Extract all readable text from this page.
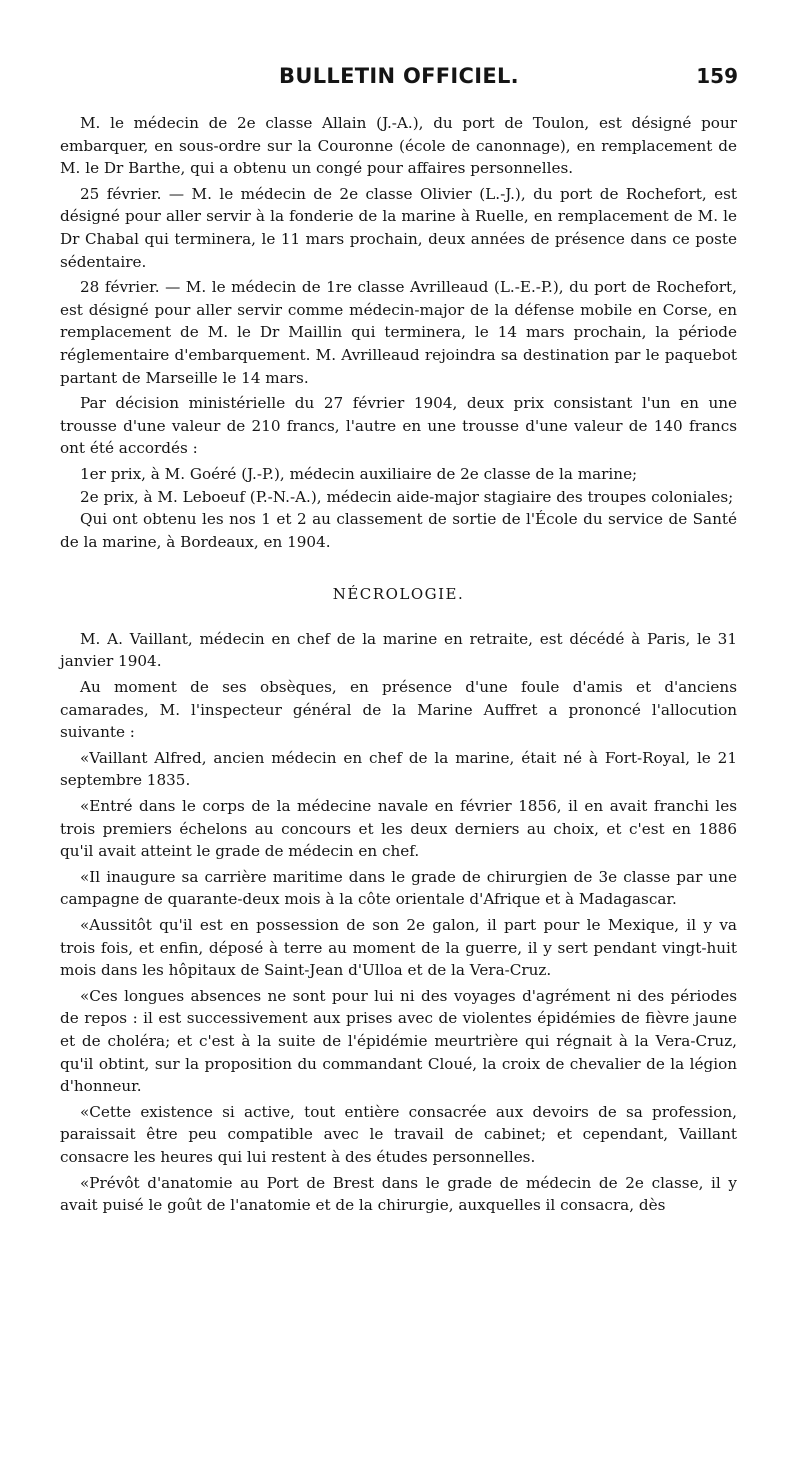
BULLETIN OFFICIEL.	159

M. le médecin de 2e classe Allain (J.-A.), du port de Toulon, est désigné pour embarquer, en sous-ordre sur la Couronne (école de canonnage), en remplacement de M. le Dr Barthe, qui a obtenu un congé pour affaires personnelles.

25 février. — M. le médecin de 2e classe Olivier (L.-J.), du port de Rochefort, est désigné pour aller servir à la fonderie de la marine à Ruelle, en remplacement de M. le Dr Chabal qui terminera, le 11 mars prochain, deux années de présence dans ce poste sédentaire.

28 février. — M. le médecin de 1re classe Avrilleaud (L.-E.-P.), du port de Rochefort, est désigné pour aller servir comme médecin-major de la défense mobile en Corse, en remplacement de M. le Dr Maillin qui terminera, le 14 mars prochain, la période réglementaire d'embarquement. M. Avrilleaud rejoindra sa destination par le paquebot partant de Marseille le 14 mars.

Par décision ministérielle du 27 février 1904, deux prix consistant l'un en une trousse d'une valeur de 210 francs, l'autre en une trousse d'une valeur de 140 francs ont été accordés :

1er prix, à M. Goéré (J.-P.), médecin auxiliaire de 2e classe de la marine;

2e prix, à M. Leboeuf (P.-N.-A.), médecin aide-major stagiaire des troupes coloniales;

Qui ont obtenu les nos 1 et 2 au classement de sortie de l'École du service de Santé de la marine, à Bordeaux, en 1904.

NÉCROLOGIE.

M. A. Vaillant, médecin en chef de la marine en retraite, est décédé à Paris, le 31 janvier 1904.

Au moment de ses obsèques, en présence d'une foule d'amis et d'anciens camarades, M. l'inspecteur général de la Marine Auffret a prononcé l'allocution suivante :

«Vaillant Alfred, ancien médecin en chef de la marine, était né à Fort-Royal, le 21 septembre 1835.

«Entré dans le corps de la médecine navale en février 1856, il en avait franchi les trois premiers échelons au concours et les deux derniers au choix, et c'est en 1886 qu'il avait atteint le grade de médecin en chef.

«Il inaugure sa carrière maritime dans le grade de chirurgien de 3e classe par une campagne de quarante-deux mois à la côte orientale d'Afrique et à Madagascar.

«Aussitôt qu'il est en possession de son 2e galon, il part pour le Mexique, il y va trois fois, et enfin, déposé à terre au moment de la guerre, il y sert pendant vingt-huit mois dans les hôpitaux de Saint-Jean d'Ulloa et de la Vera-Cruz.

«Ces longues absences ne sont pour lui ni des voyages d'agrément ni des périodes de repos : il est successivement aux prises avec de violentes épidémies de fièvre jaune et de choléra; et c'est à la suite de l'épidémie meurtrière qui régnait à la Vera-Cruz, qu'il obtint, sur la proposition du commandant Cloué, la croix de chevalier de la légion d'honneur.

«Cette existence si active, tout entière consacrée aux devoirs de sa profession, paraissait être peu compatible avec le travail de cabinet; et cependant, Vaillant consacre les heures qui lui restent à des études personnelles.

«Prévôt d'anatomie au Port de Brest dans le grade de médecin de 2e classe, il y avait puisé le goût de l'anatomie et de la chirurgie, auxquelles il consacra, dès
